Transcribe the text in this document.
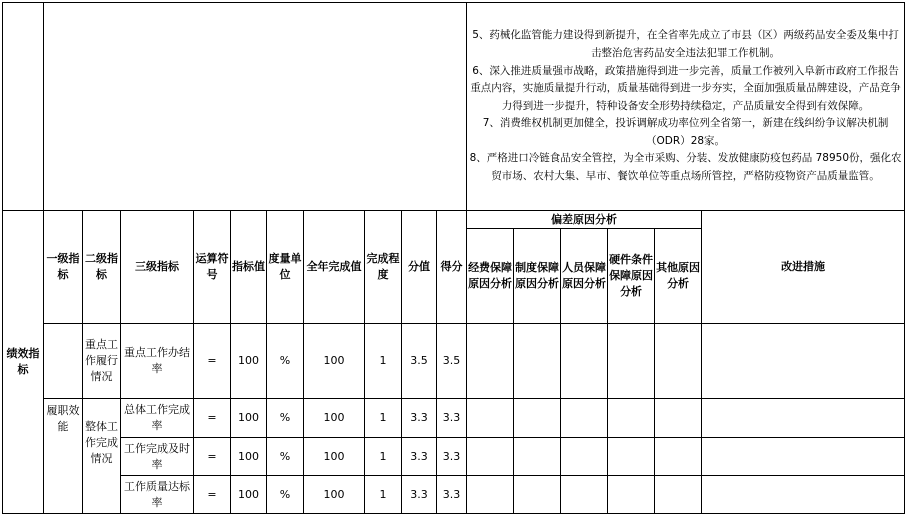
											5、药械化监管能力建设得到新提升，在全省率先成立了市县（区）两级药品安全委及集中打击整治危害药品安全违法犯罪工作机制。

6、深入推进质量强市战略，政策措施得到进一步完善，质量工作被列入阜新市政府工作报告重点内容，实施质量提升行动，质量基础得到进一步夯实，全面加强质量品牌建设，产品竞争力得到进一步提升，特种设备安全形势持续稳定，产品质量安全得到有效保障。

7、消费维权机制更加健全，投诉调解成功率位列全省第一，新建在线纠纷争议解决机制（ODR）28家。

8、严格进口冷链食品安全管控，为全市采购、分装、发放健康防疫包药品 78950份，强化农贸市场、农村大集、早市、餐饮单位等重点场所管控，严格防疫物资产品质量监管。					

绩效指标	一级指标	二级指标	三级指标	运算符号	指标值	度量单位	全年完成值	完成程度	分值	得分	偏差原因分析					改进措施
											经费保障原因分析	制度保障原因分析	人员保障原因分析	硬件条件保障原因分析	其他原因分析	
		重点工作履行情况	重点工作办结率	=	100	%	100	1	3.5	3.5						
	履职效能	整体工作完成情况	总体工作完成率	=	100	%	100	1	3.3	3.3						
			工作完成及时率	=	100	%	100	1	3.3	3.3						
			工作质量达标率	=	100	%	100	1	3.3	3.3						
